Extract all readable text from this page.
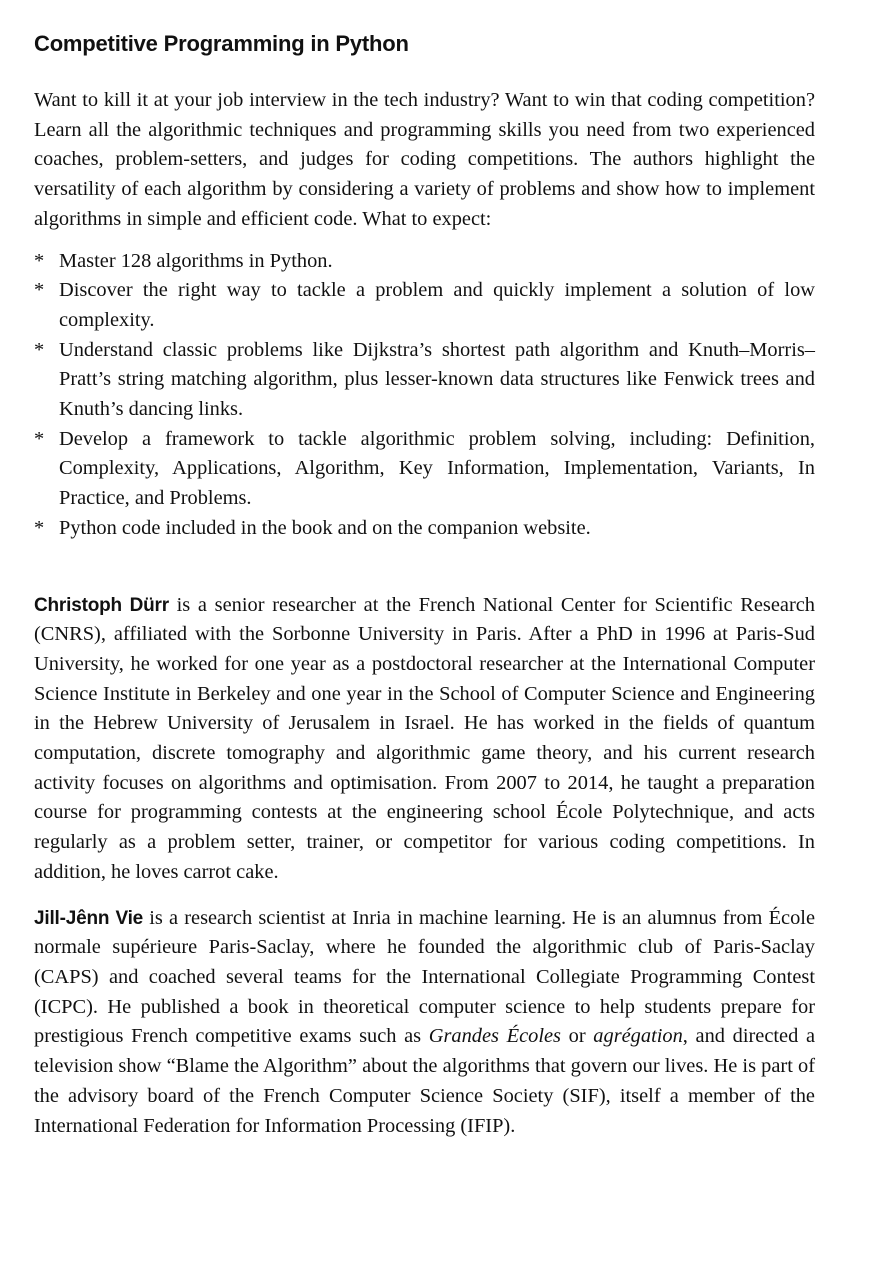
Competitive Programming in Python

Want to kill it at your job interview in the tech industry? Want to win that coding competition? Learn all the algorithmic techniques and programming skills you need from two experienced coaches, problem-setters, and judges for coding competitions. The authors highlight the versatility of each algorithm by considering a variety of problems and show how to implement algorithms in simple and efficient code. What to expect:

* Master 128 algorithms in Python.
* Discover the right way to tackle a problem and quickly implement a solution of low complexity.
* Understand classic problems like Dijkstra’s shortest path algorithm and Knuth–Morris–Pratt’s string matching algorithm, plus lesser-known data structures like Fenwick trees and Knuth’s dancing links.
* Develop a framework to tackle algorithmic problem solving, including: Definition, Complexity, Applications, Algorithm, Key Information, Implementation, Variants, In Practice, and Problems.
* Python code included in the book and on the companion website.

Christoph Dürr is a senior researcher at the French National Center for Scientific Research (CNRS), affiliated with the Sorbonne University in Paris. After a PhD in 1996 at Paris-Sud University, he worked for one year as a postdoctoral researcher at the International Computer Science Institute in Berkeley and one year in the School of Computer Science and Engineering in the Hebrew University of Jerusalem in Israel. He has worked in the fields of quantum computation, discrete tomography and algorithmic game theory, and his current research activity focuses on algorithms and optimisation. From 2007 to 2014, he taught a preparation course for programming contests at the engineering school École Polytechnique, and acts regularly as a problem setter, trainer, or competitor for various coding competitions. In addition, he loves carrot cake.

Jill-Jênn Vie is a research scientist at Inria in machine learning. He is an alumnus from École normale supérieure Paris-Saclay, where he founded the algorithmic club of Paris-Saclay (CAPS) and coached several teams for the International Collegiate Programming Contest (ICPC). He published a book in theoretical computer science to help students prepare for prestigious French competitive exams such as Grandes Écoles or agrégation, and directed a television show “Blame the Algorithm” about the algorithms that govern our lives. He is part of the advisory board of the French Computer Science Society (SIF), itself a member of the International Federation for Information Processing (IFIP).
